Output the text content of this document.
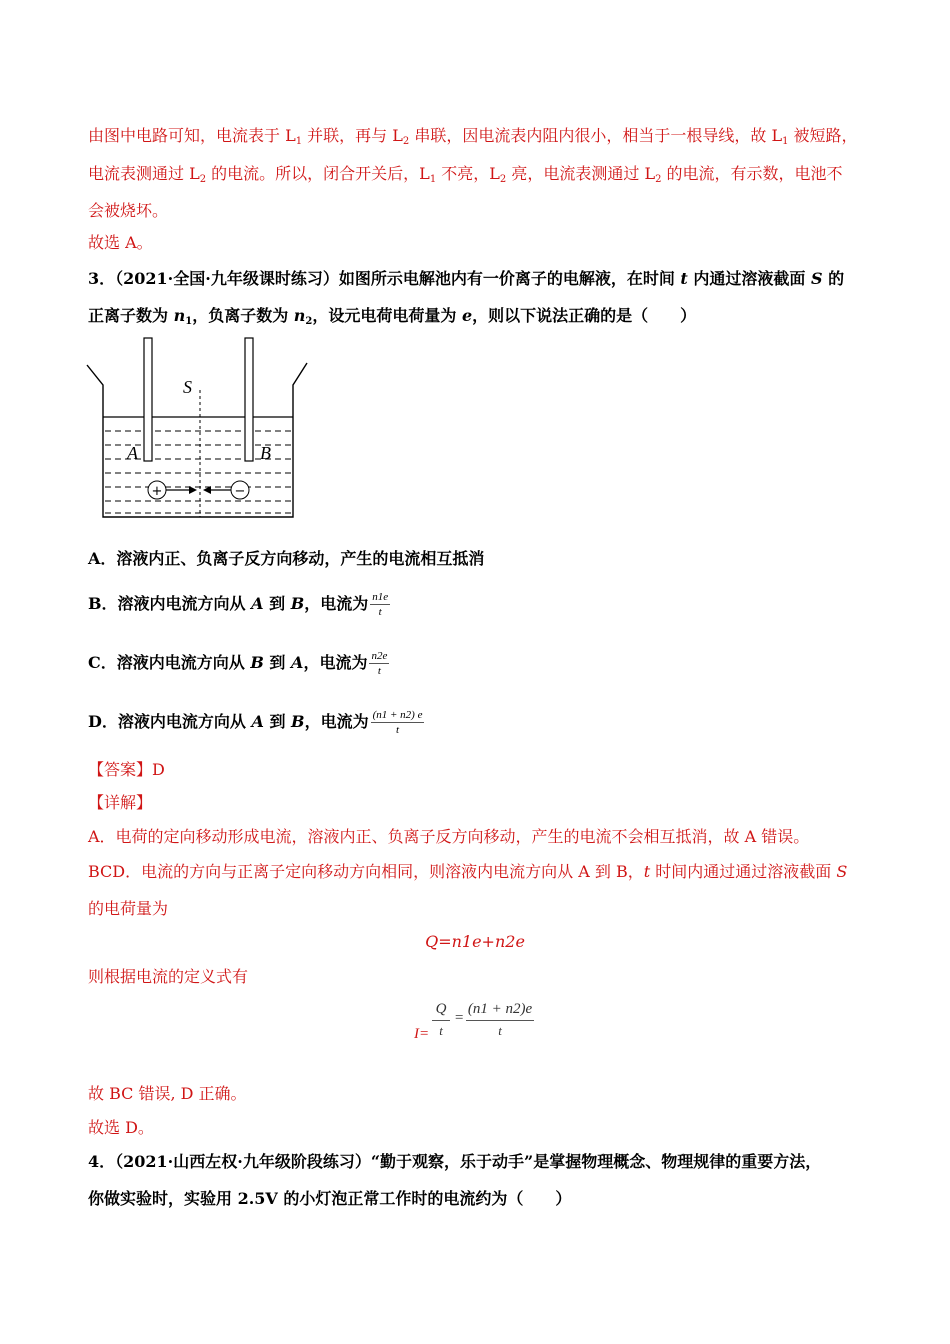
由图中电路可知，电流表于 $L_1$ 并联，再与 $L_2$ 串联，因电流表内阻内很小，相当于一根导线，故 $L_1$ 被短路，
电流表测通过 $L_2$ 的电流。所以，闭合开关后，$L_1$ 不亮，$L_2$ 亮，电流表测通过 $L_2$ 的电流，有示数，电池不
会被烧坏。
故选 A。
3．（2021·全国·九年级课时练习）如图所示电解池内有一价离子的电解液，在时间 t 内通过溶液截面 S 的
正离子数为 $n_1$，负离子数为 $n_2$，设元电荷电荷量为 e，则以下说法正确的是（　　）
S
A	B
+	−
A．溶液内正、负离子反方向移动，产生的电流相互抵消
B．溶液内电流方向从 A 到 B，电流为 $\frac{n1e}{t}$
C．溶液内电流方向从 B 到 A，电流为 $\frac{n2e}{t}$
D．溶液内电流方向从 A 到 B，电流为 $\frac{(n1 + n2) e}{t}$
【答案】D
【详解】
A．电荷的定向移动形成电流，溶液内正、负离子反方向移动，产生的电流不会相互抵消，故 A 错误。
BCD．电流的方向与正离子定向移动方向相同，则溶液内电流方向从 A 到 B，t 时间内通过通过溶液截面 S
的电荷量为
Q=n1e+n2e
则根据电流的定义式有
I=
Q
t
=
(n1 + n2)e
t
故 BC 错误, D 正确。
故选 D。
4．（2021·山西左权·九年级阶段练习）“勤于观察，乐于动手”是掌握物理概念、物理规律的重要方法，
你做实验时，实验用 2.5V 的小灯泡正常工作时的电流约为（　　）
